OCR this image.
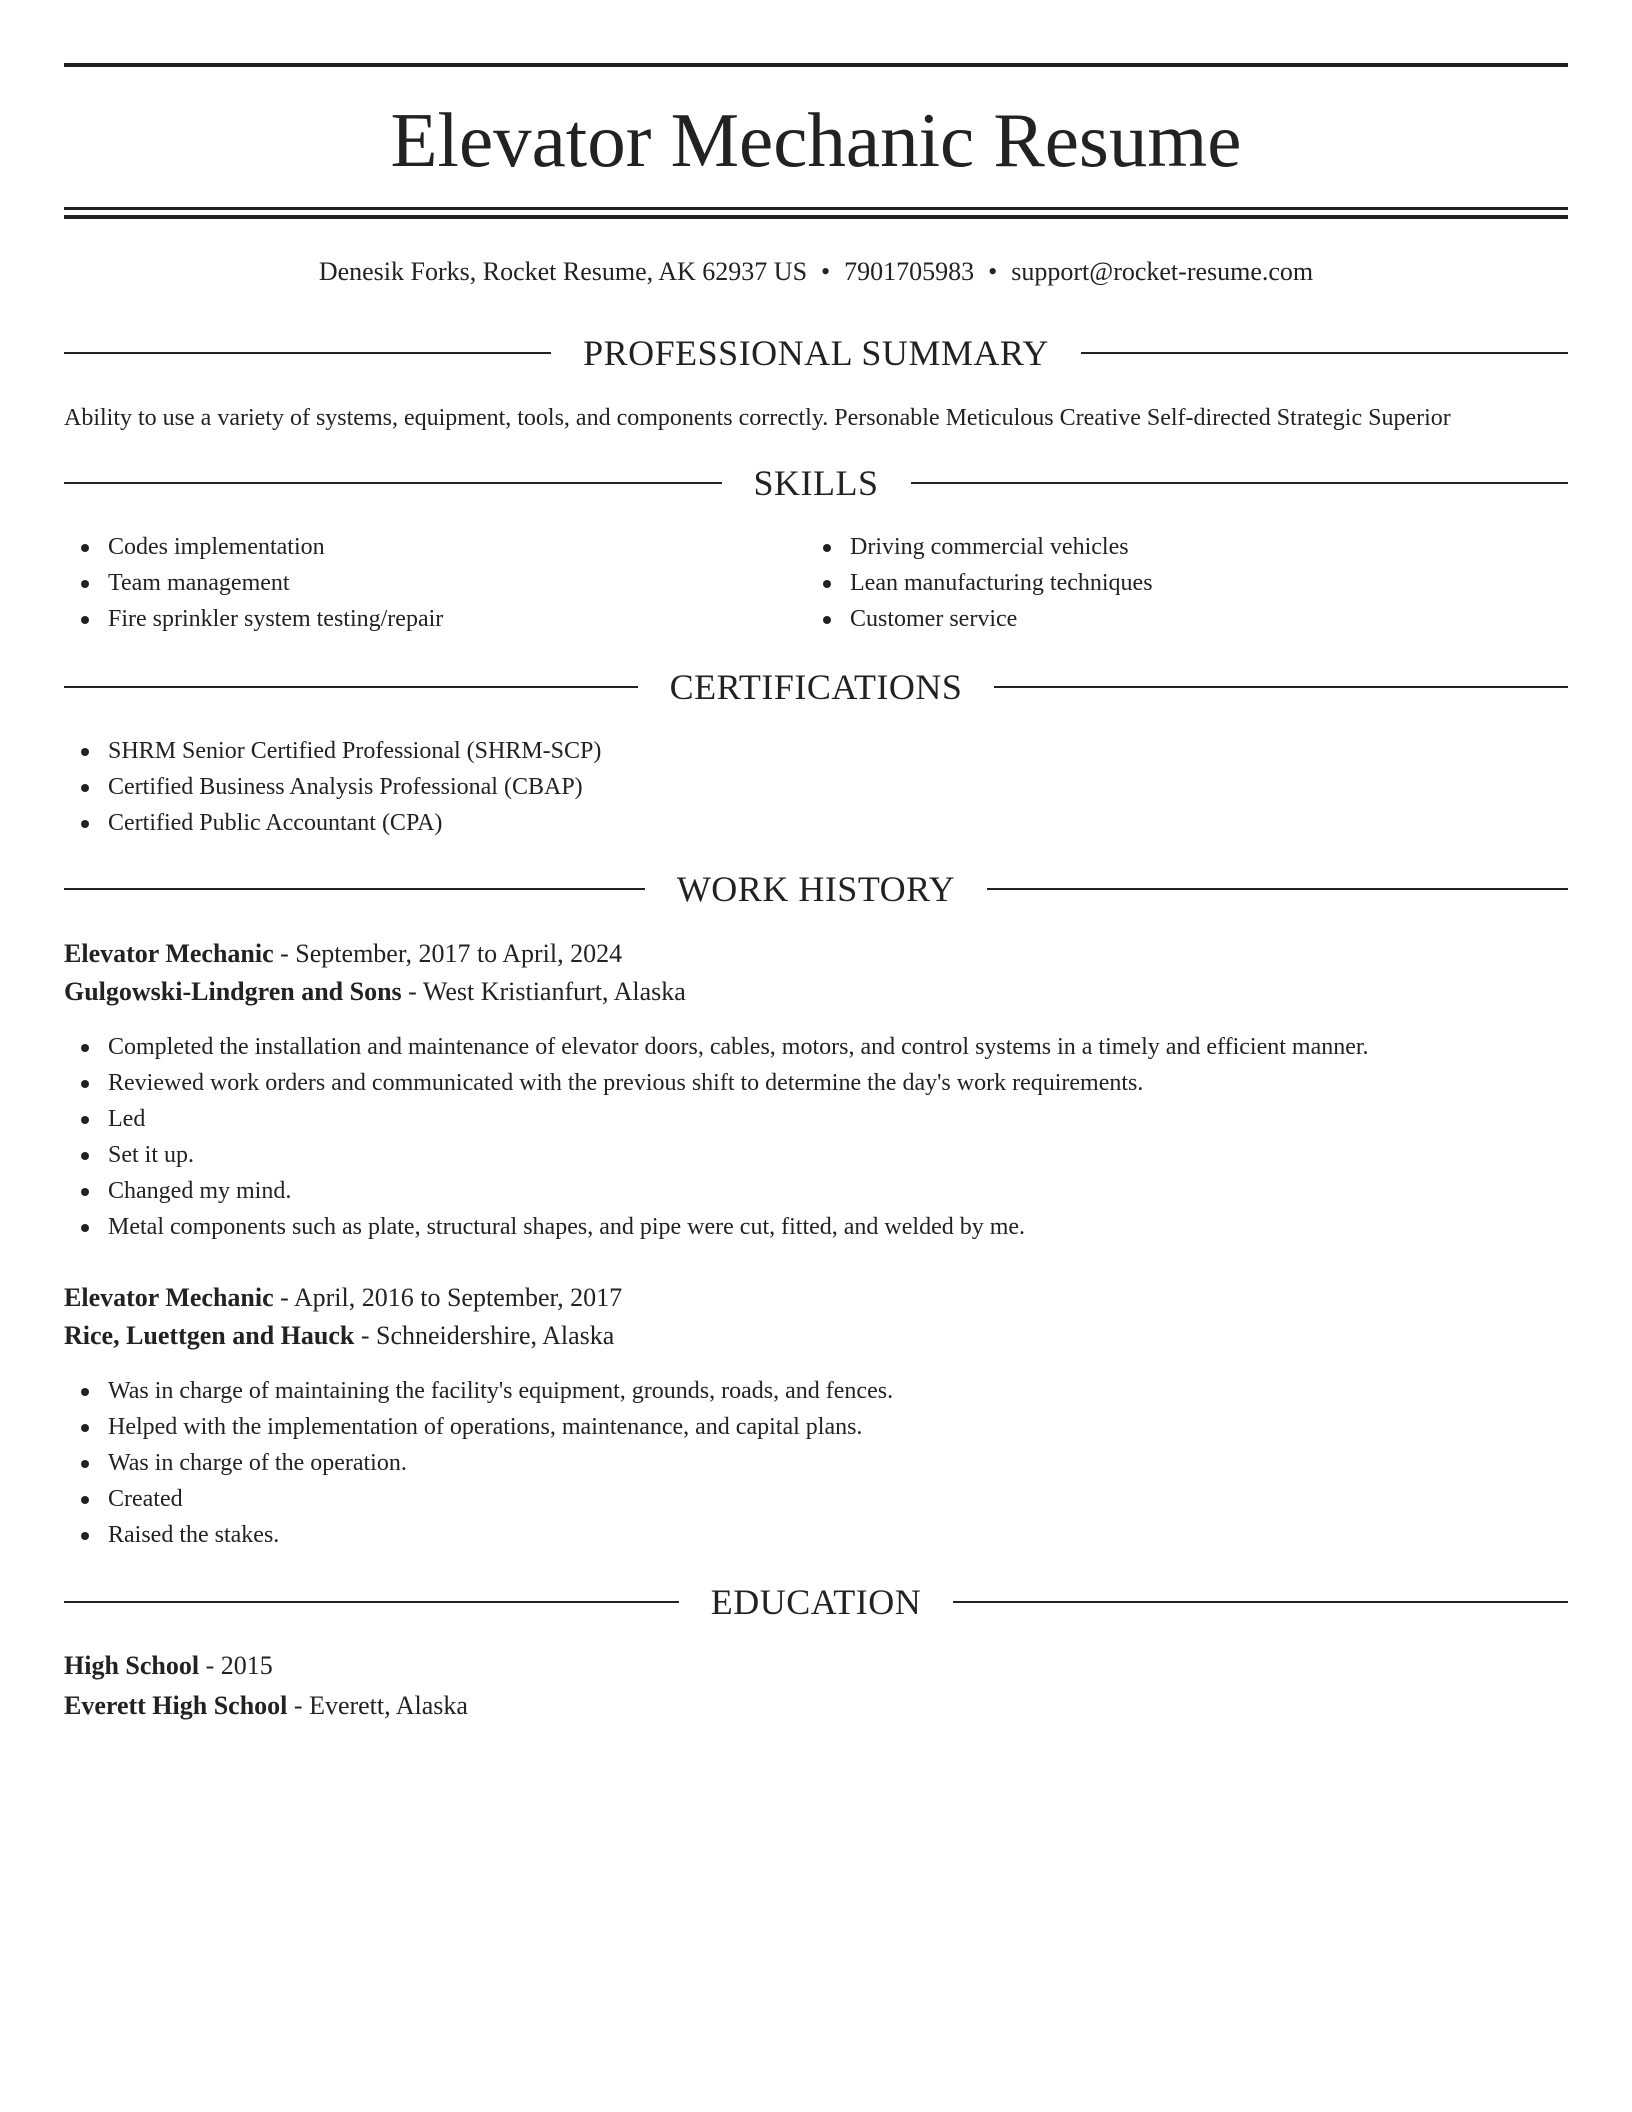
Elevator Mechanic Resume
Denesik Forks, Rocket Resume, AK 62937 US • 7901705983 • support@rocket-resume.com
PROFESSIONAL SUMMARY

Ability to use a variety of systems, equipment, tools, and components correctly. Personable Meticulous Creative Self-directed Strategic Superior

SKILLS
Codes implementation
Team management
Fire sprinkler system testing/repair
Driving commercial vehicles
Lean manufacturing techniques
Customer service
CERTIFICATIONS
SHRM Senior Certified Professional (SHRM-SCP)
Certified Business Analysis Professional (CBAP)
Certified Public Accountant (CPA)
WORK HISTORY
Elevator Mechanic - September, 2017 to April, 2024
Gulgowski-Lindgren and Sons - West Kristianfurt, Alaska
Completed the installation and maintenance of elevator doors, cables, motors, and control systems in a timely and efficient manner.
Reviewed work orders and communicated with the previous shift to determine the day's work requirements.
Led
Set it up.
Changed my mind.
Metal components such as plate, structural shapes, and pipe were cut, fitted, and welded by me.
Elevator Mechanic - April, 2016 to September, 2017
Rice, Luettgen and Hauck - Schneidershire, Alaska
Was in charge of maintaining the facility's equipment, grounds, roads, and fences.
Helped with the implementation of operations, maintenance, and capital plans.
Was in charge of the operation.
Created
Raised the stakes.
EDUCATION
High School - 2015
Everett High School - Everett, Alaska
